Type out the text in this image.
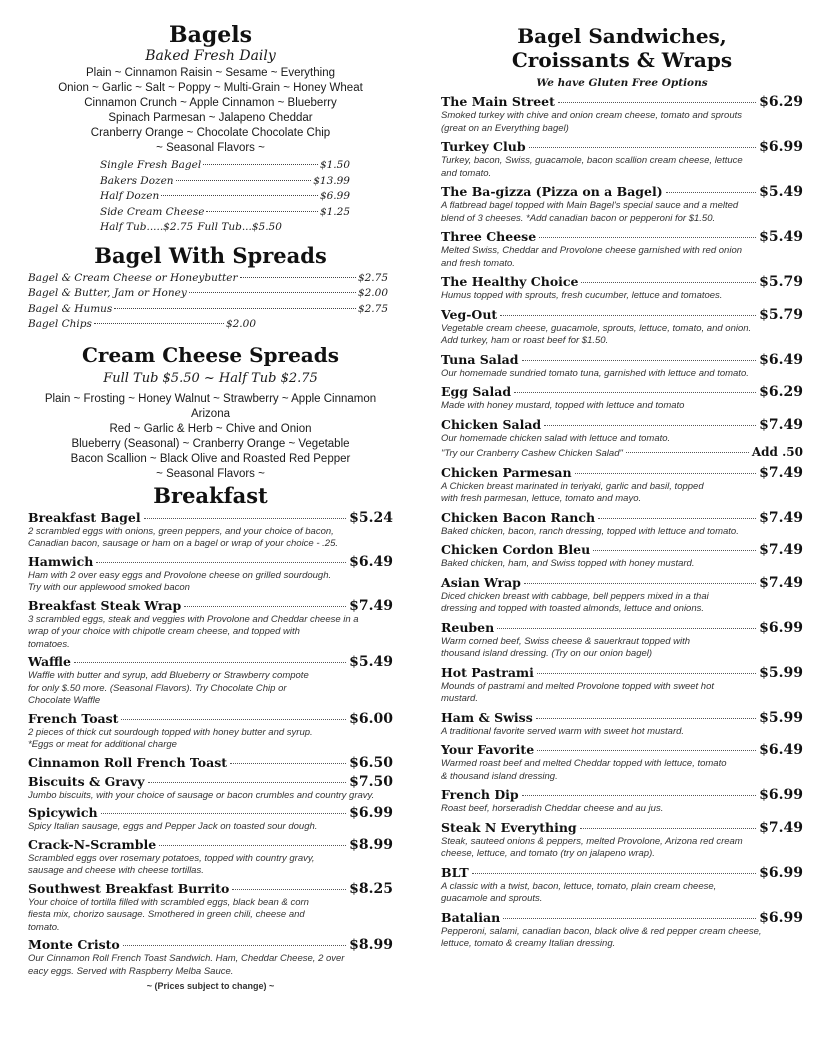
Bagels
Baked Fresh Daily
Plain ~ Cinnamon Raisin ~ Sesame ~ Everything
Onion ~ Garlic ~ Salt ~ Poppy ~ Multi-Grain ~ Honey Wheat
Cinnamon Crunch ~ Apple Cinnamon ~ Blueberry
Spinach Parmesan ~ Jalapeno Cheddar
Cranberry Orange ~ Chocolate Chocolate Chip
~ Seasonal Flavors ~
Single Fresh Bagel	$1.50
Bakers Dozen	$13.99
Half Dozen	$6.99
Side Cream Cheese	$1.25
Half Tub.....$2.75 Full Tub...$5.50
Bagel With Spreads
Bagel & Cream Cheese or Honeybutter	$2.75
Bagel & Butter, Jam or Honey	$2.00
Bagel & Humus	$2.75
Bagel Chips	$2.00
Cream Cheese Spreads
Full Tub $5.50 ~ Half Tub $2.75
Plain ~ Frosting ~ Honey Walnut ~ Strawberry ~ Apple Cinnamon Arizona
Red ~ Garlic & Herb ~ Chive and Onion
Blueberry (Seasonal) ~ Cranberry Orange ~ Vegetable
Bacon Scallion ~ Black Olive and Roasted Red Pepper
~ Seasonal Flavors ~
Breakfast
Breakfast Bagel	$5.24
2 scrambled eggs with onions, green peppers, and your choice of bacon,
Canadian bacon, sausage or ham on a bagel or wrap of your choice - .25.
Hamwich	$6.49
Ham with 2 over easy eggs and Provolone cheese on grilled sourdough.
Try with our applewood smoked bacon
Breakfast Steak Wrap	$7.49
3 scrambled eggs, steak and veggies with Provolone and Cheddar cheese in a
wrap of your choice with chipotle cream cheese, and topped with
tomatoes.
Waffle	$5.49
Waffle with butter and syrup, add Blueberry or Strawberry compote
for only $.50 more. (Seasonal Flavors). Try Chocolate Chip or
Chocolate Waffle
French Toast	$6.00
2 pieces of thick cut sourdough topped with honey butter and syrup.
*Eggs or meat for additional charge
Cinnamon Roll French Toast	$6.50
Biscuits & Gravy	$7.50
Jumbo biscuits, with your choice of sausage or bacon crumbles and country gravy.
Spicywich	$6.99
Spicy Italian sausage, eggs and Pepper Jack on toasted sour dough.
Crack-N-Scramble	$8.99
Scrambled eggs over rosemary potatoes, topped with country gravy,
sausage and cheese with cheese tortillas.
Southwest Breakfast Burrito	$8.25
Your choice of tortilla filled with scrambled eggs, black bean & corn
fiesta mix, chorizo sausage. Smothered in green chili, cheese and
tomato.
Monte Cristo	$8.99
Our Cinnamon Roll French Toast Sandwich. Ham, Cheddar Cheese, 2 over
eacy eggs. Served with Raspberry Melba Sauce.
~ (Prices subject to change) ~
Bagel Sandwiches,
Croissants & Wraps
We have Gluten Free Options
The Main Street	$6.29
Smoked turkey with chive and onion cream cheese, tomato and sprouts
(great on an Everything bagel)
Turkey Club	$6.99
Turkey, bacon, Swiss, guacamole, bacon scallion cream cheese, lettuce
and tomato.
The Ba-gizza (Pizza on a Bagel)	$5.49
A flatbread bagel topped with Main Bagel's special sauce and a melted
blend of 3 cheeses. *Add canadian bacon or pepperoni for $1.50.
Three Cheese	$5.49
Melted Swiss, Cheddar and Provolone cheese garnished with red onion
and fresh tomato.
The Healthy Choice	$5.79
Humus topped with sprouts, fresh cucumber, lettuce and tomatoes.
Veg-Out	$5.79
Vegetable cream cheese, guacamole, sprouts, lettuce, tomato, and onion.
Add turkey, ham or roast beef for $1.50.
Tuna Salad	$6.49
Our homemade sundried tomato tuna, garnished with lettuce and tomato.
Egg Salad	$6.29
Made with honey mustard, topped with lettuce and tomato
Chicken Salad	$7.49
Our homemade chicken salad with lettuce and tomato.
"Try our Cranberry Cashew Chicken Salad"	Add .50
Chicken Parmesan	$7.49
A Chicken breast marinated in teriyaki, garlic and basil, topped
with fresh parmesan, lettuce, tomato and mayo.
Chicken Bacon Ranch	$7.49
Baked chicken, bacon, ranch dressing, topped with lettuce and tomato.
Chicken Cordon Bleu	$7.49
Baked chicken, ham, and Swiss topped with honey mustard.
Asian Wrap	$7.49
Diced chicken breast with cabbage, bell peppers mixed in a thai
dressing and topped with toasted almonds, lettuce and onions.
Reuben	$6.99
Warm corned beef, Swiss cheese & sauerkraut topped with
thousand island dressing. (Try on our onion bagel)
Hot Pastrami	$5.99
Mounds of pastrami and melted Provolone topped with sweet hot
mustard.
Ham & Swiss	$5.99
A traditional favorite served warm with sweet hot mustard.
Your Favorite	$6.49
Warmed roast beef and melted Cheddar topped with lettuce, tomato
& thousand island dressing.
French Dip	$6.99
Roast beef, horseradish Cheddar cheese and au jus.
Steak N Everything	$7.49
Steak, sauteed onions & peppers, melted Provolone, Arizona red cream
cheese, lettuce, and tomato (try on jalapeno wrap).
BLT	$6.99
A classic with a twist, bacon, lettuce, tomato, plain cream cheese,
guacamole and sprouts.
Batalian	$6.99
Pepperoni, salami, canadian bacon, black olive & red pepper cream cheese,
lettuce, tomato & creamy Italian dressing.
